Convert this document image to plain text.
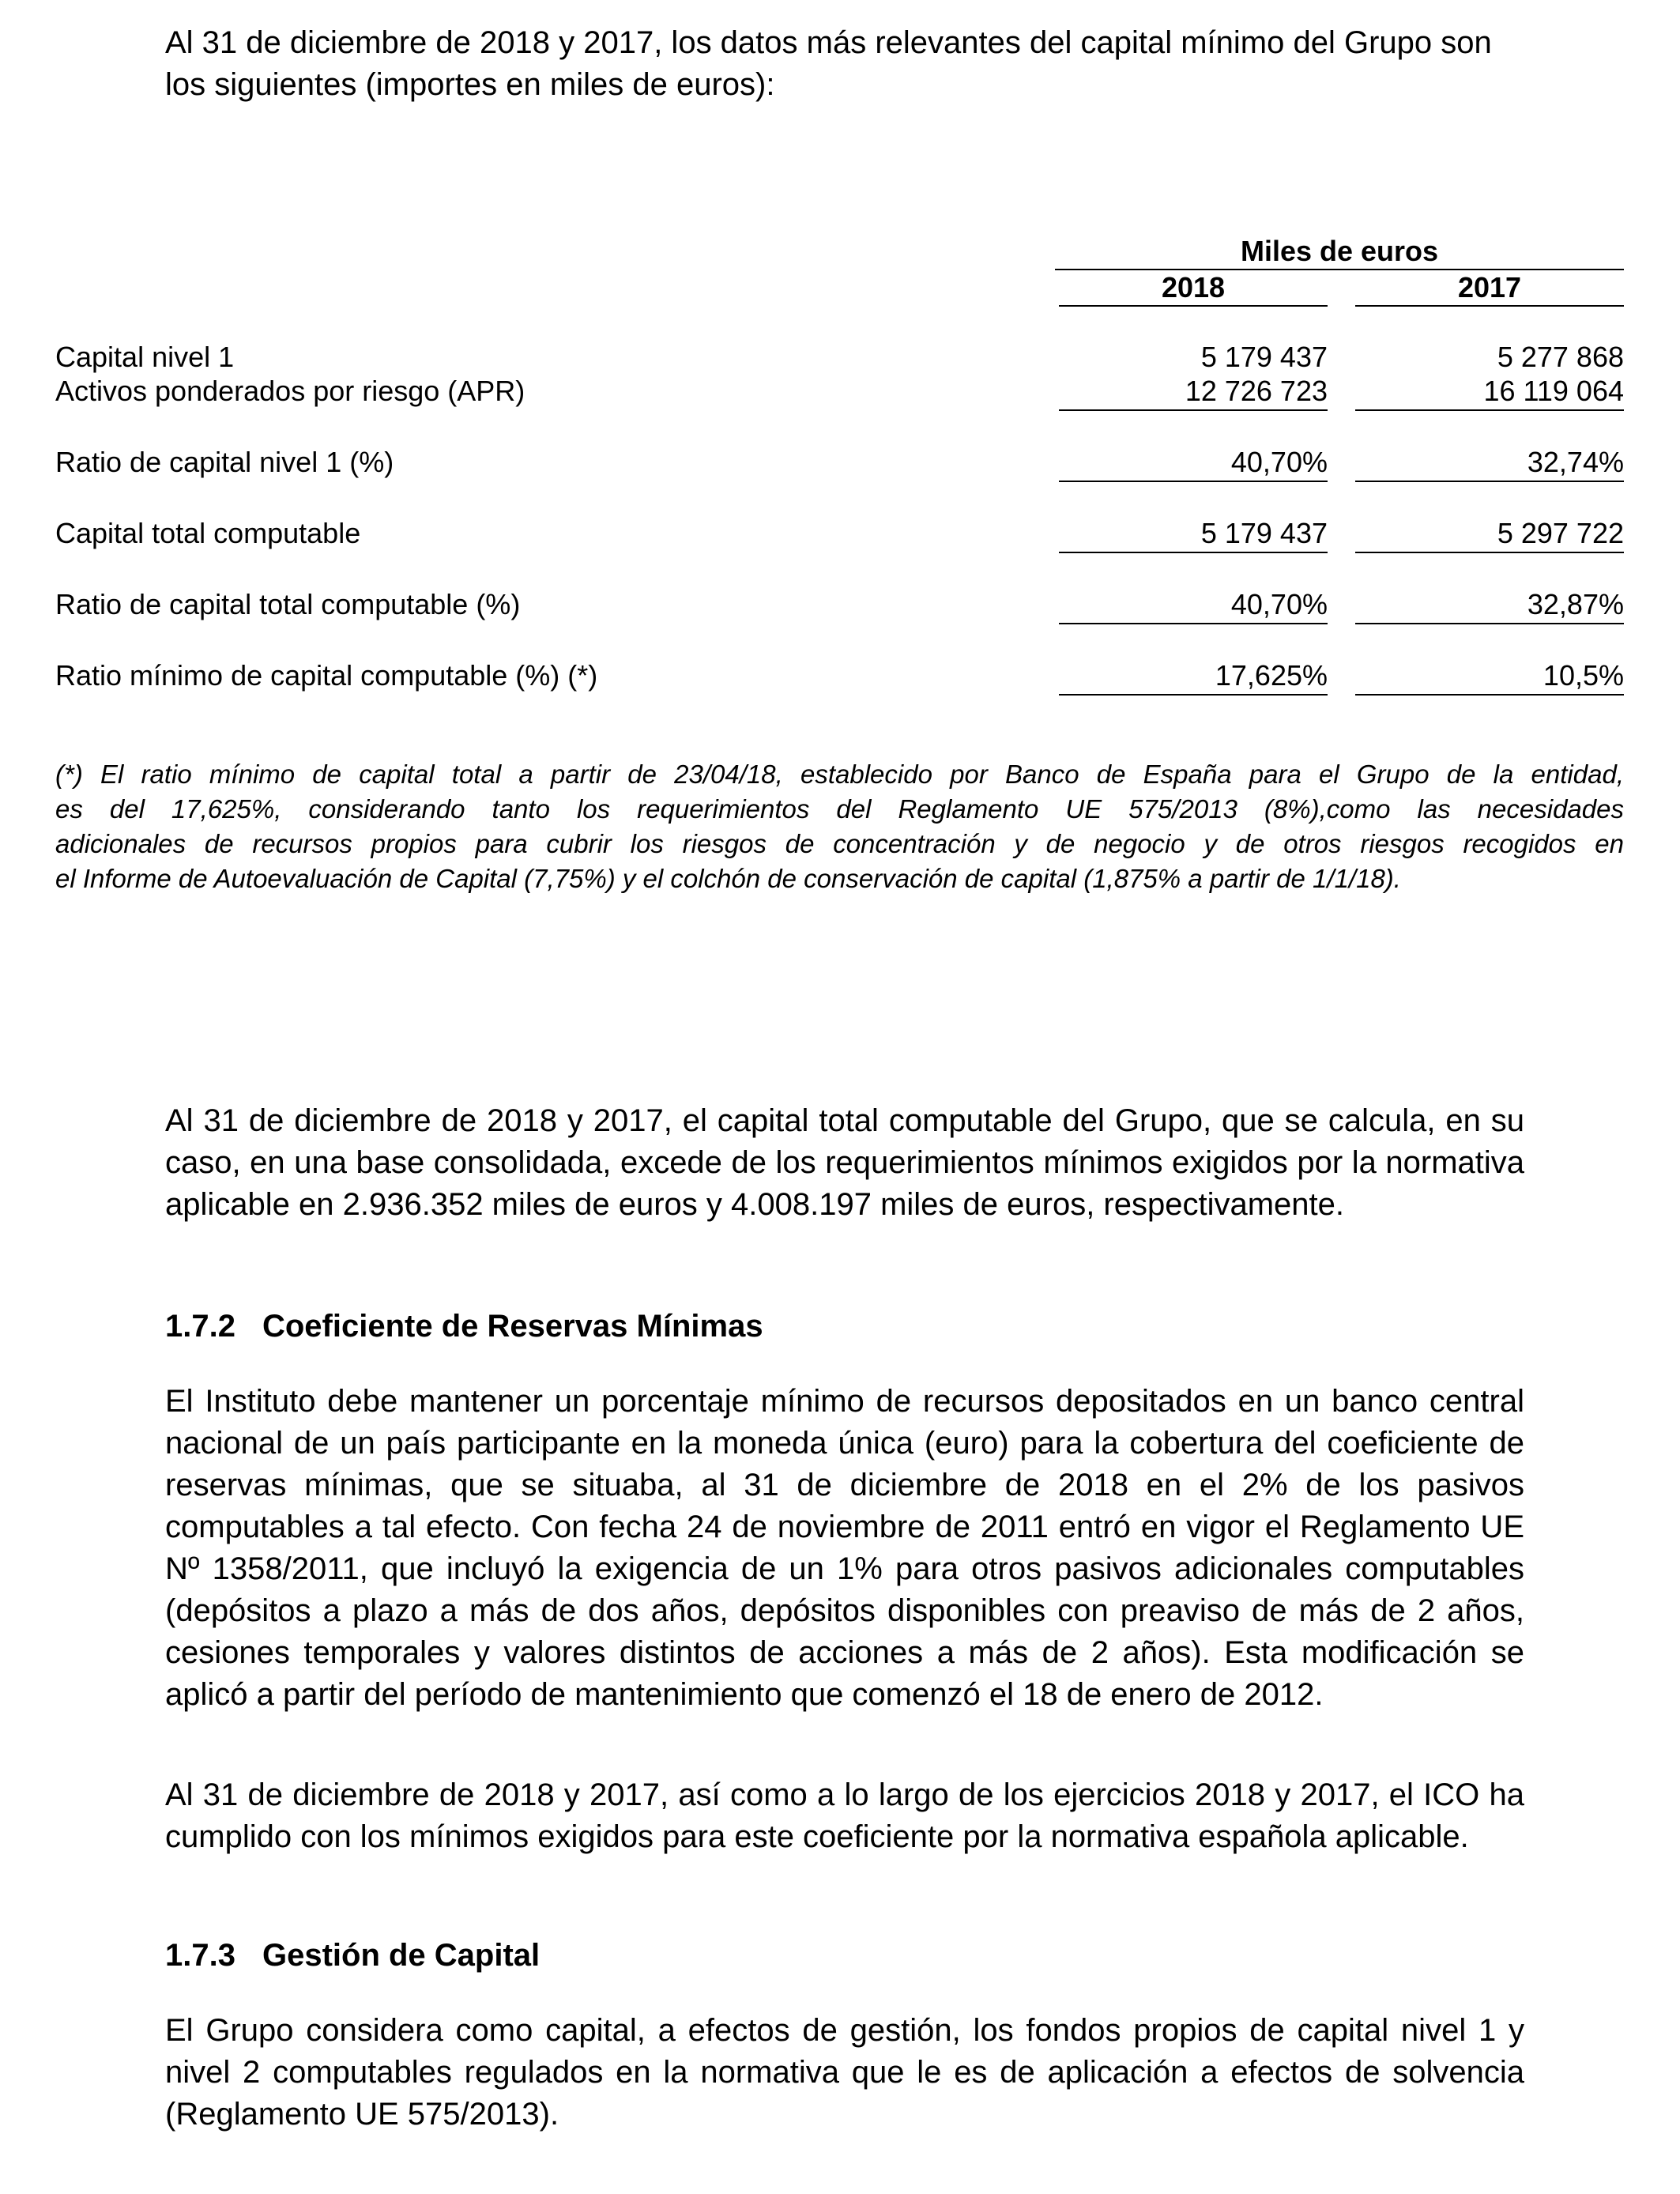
Al 31 de diciembre de 2018 y 2017, los datos más relevantes del capital mínimo del Grupo son los siguientes (importes en miles de euros):

Miles de euros
2018	2017
Capital nivel 1	5 179 437	5 277 868
Activos ponderados por riesgo (APR)	12 726 723	16 119 064
Ratio de capital nivel 1 (%)	40,70%	32,74%
Capital total computable	5 179 437	5 297 722
Ratio de capital total computable (%)	40,70%	32,87%
Ratio mínimo de capital computable (%) (*)	17,625%	10,5%

(*) El ratio mínimo de capital total a partir de 23/04/18, establecido por Banco de España para el Grupo de la entidad,
es del 17,625%, considerando tanto los requerimientos del Reglamento UE 575/2013 (8%),como las necesidades
adicionales de recursos propios para cubrir los riesgos de concentración y de negocio y de otros riesgos recogidos en
el Informe de Autoevaluación de Capital (7,75%) y el colchón de conservación de capital (1,875% a partir de 1/1/18).

Al 31 de diciembre de 2018 y 2017, el capital total computable del Grupo, que se calcula, en su caso, en una base consolidada, excede de los requerimientos mínimos exigidos por la normativa aplicable en 2.936.352 miles de euros y 4.008.197 miles de euros, respectivamente.

1.7.2 Coeficiente de Reservas Mínimas

El Instituto debe mantener un porcentaje mínimo de recursos depositados en un banco central nacional de un país participante en la moneda única (euro) para la cobertura del coeficiente de reservas mínimas, que se situaba, al 31 de diciembre de 2018 en el 2% de los pasivos computables a tal efecto. Con fecha 24 de noviembre de 2011 entró en vigor el Reglamento UE Nº 1358/2011, que incluyó la exigencia de un 1% para otros pasivos adicionales computables (depósitos a plazo a más de dos años, depósitos disponibles con preaviso de más de 2 años, cesiones temporales y valores distintos de acciones a más de 2 años). Esta modificación se aplicó a partir del período de mantenimiento que comenzó el 18 de enero de 2012.

Al 31 de diciembre de 2018 y 2017, así como a lo largo de los ejercicios 2018 y 2017, el ICO ha cumplido con los mínimos exigidos para este coeficiente por la normativa española aplicable.

1.7.3 Gestión de Capital

El Grupo considera como capital, a efectos de gestión, los fondos propios de capital nivel 1 y nivel 2 computables regulados en la normativa que le es de aplicación a efectos de solvencia (Reglamento UE 575/2013).
